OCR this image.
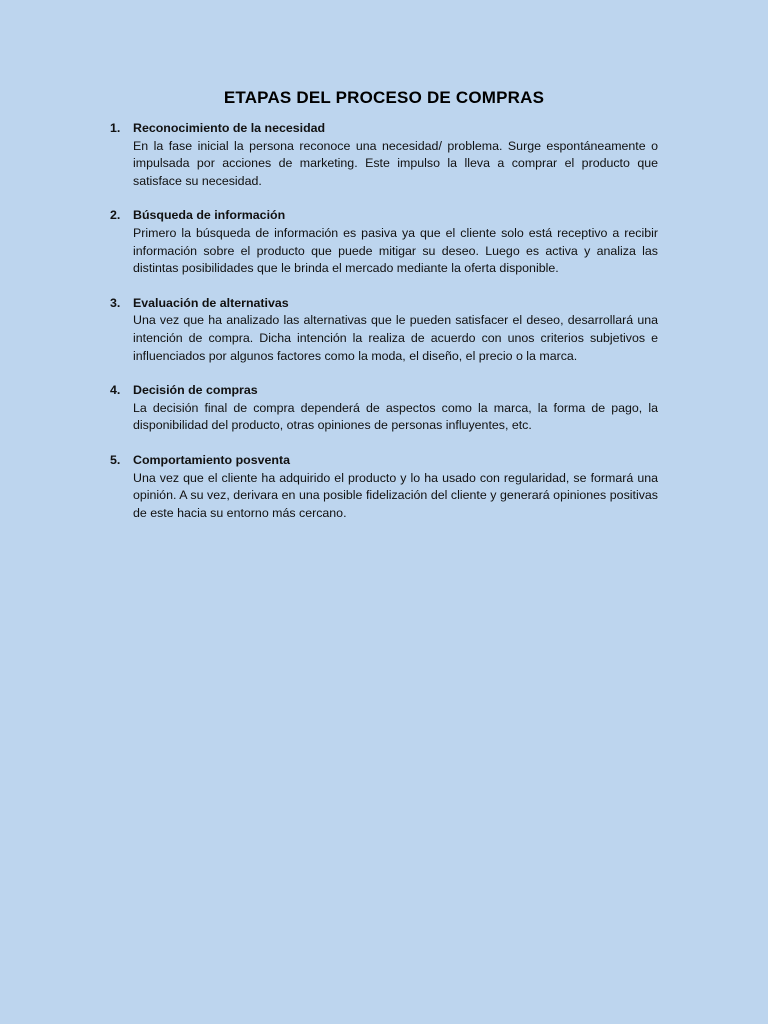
ETAPAS DEL PROCESO DE COMPRAS
1.	Reconocimiento de la necesidad
En la fase inicial la persona reconoce una necesidad/ problema. Surge espontáneamente o impulsada por acciones de marketing. Este impulso la lleva a comprar el producto que satisface su necesidad.
2.	Búsqueda de información
Primero la búsqueda de información es pasiva ya que el cliente solo está receptivo a recibir información sobre el producto que puede mitigar su deseo. Luego es activa y analiza las distintas posibilidades que le brinda el mercado mediante la oferta disponible.
3.	Evaluación de alternativas
Una vez que ha analizado las alternativas que le pueden satisfacer el deseo, desarrollará una intención de compra. Dicha intención la realiza de acuerdo con unos criterios subjetivos e influenciados por algunos factores como la moda, el diseño, el precio o la marca.
4.	Decisión de compras
La decisión final de compra dependerá de aspectos como la marca, la forma de pago, la disponibilidad del producto, otras opiniones de personas influyentes, etc.
5.	Comportamiento posventa
Una vez que el cliente ha adquirido el producto y lo ha usado con regularidad, se formará una opinión. A su vez, derivara en una posible fidelización del cliente y generará opiniones positivas de este hacia su entorno más cercano.
